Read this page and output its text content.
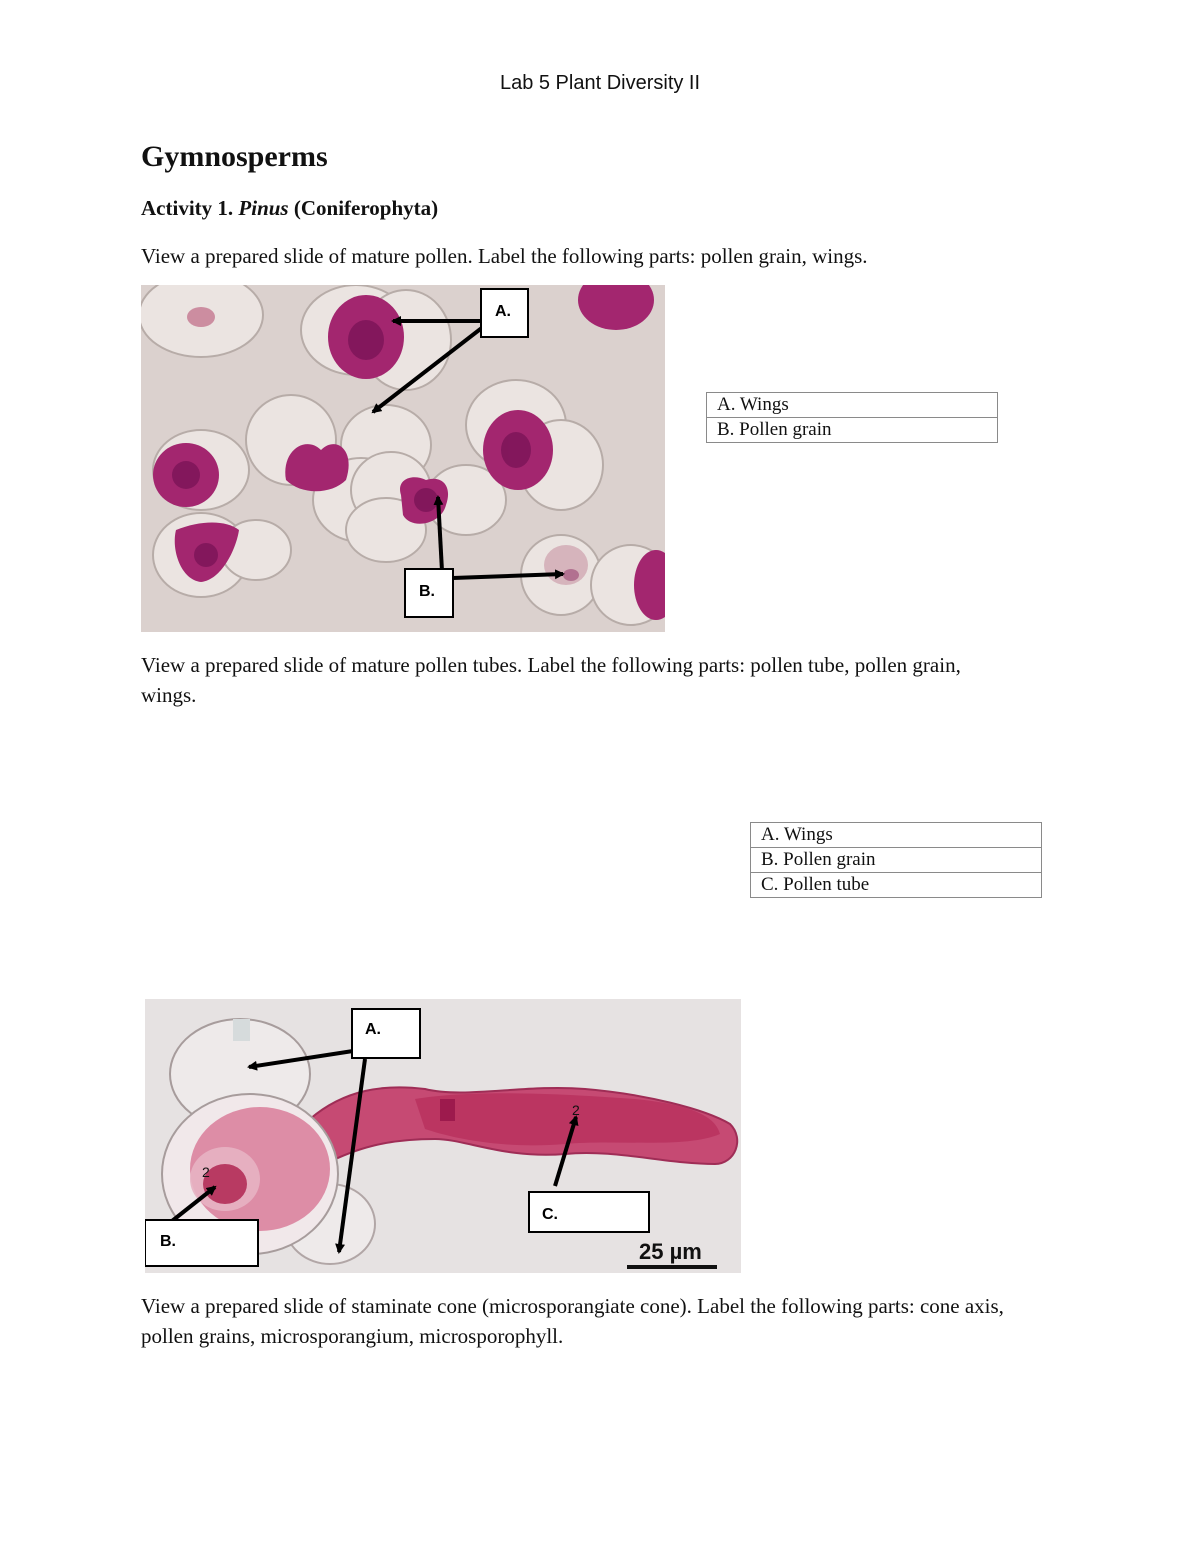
Lab 5 Plant Diversity II
Gymnosperms
Activity 1. Pinus (Coniferophyta)
View a prepared slide of mature pollen. Label the following parts: pollen grain, wings.
A.
B.
A. Wings
B. Pollen grain
View a prepared slide of mature pollen tubes. Label the following parts: pollen tube, pollen grain, wings.
A. Wings
B. Pollen grain
C. Pollen tube
2
2
A.
B.
C.
25 µm
View a prepared slide of staminate cone (microsporangiate cone). Label the following parts: cone axis, pollen grains, microsporangium, microsporophyll.
